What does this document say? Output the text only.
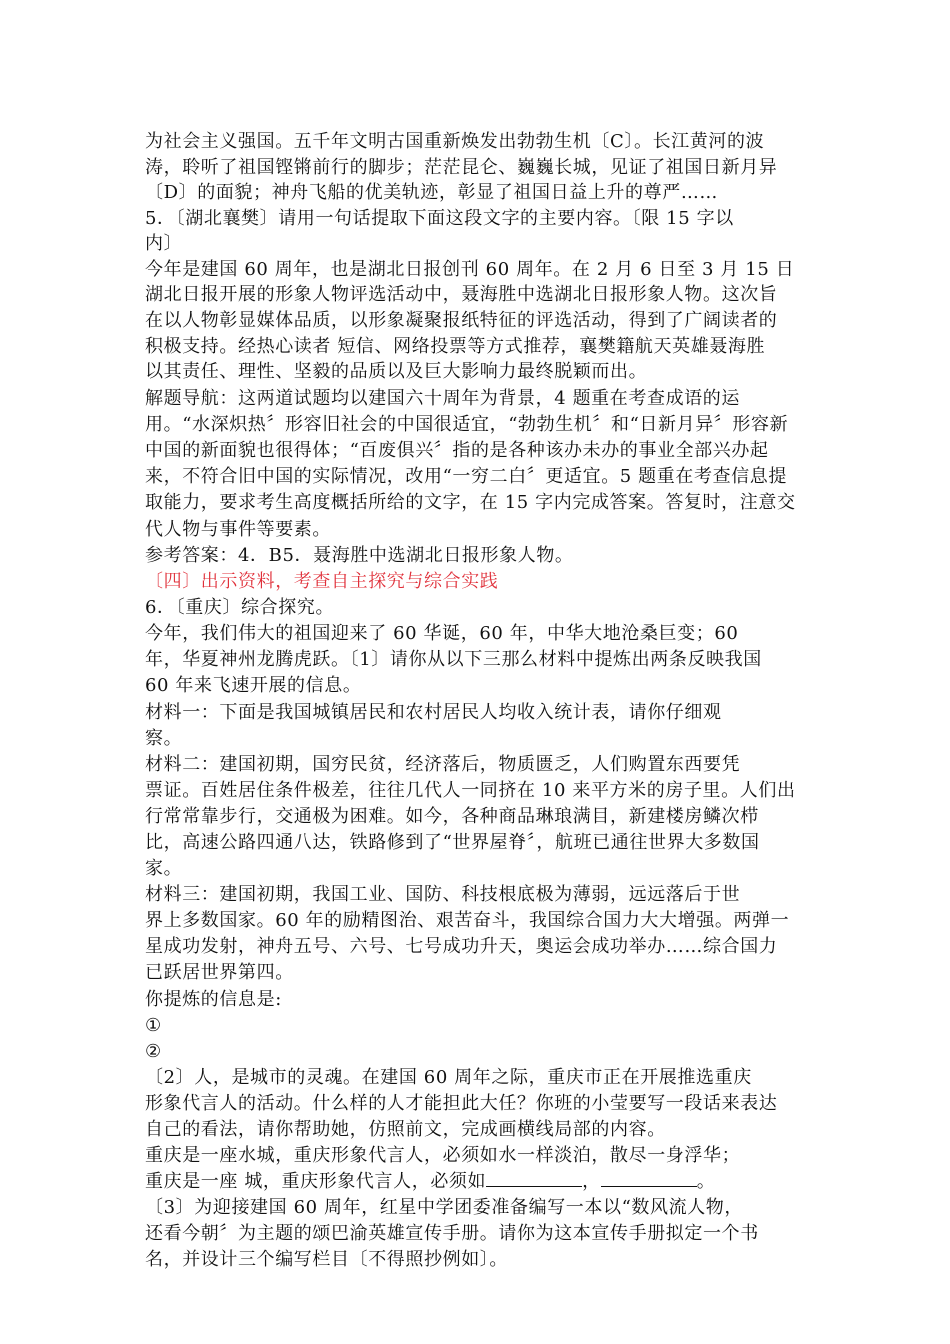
为社会主义强国。五千年文明古国重新焕发出勃勃生机〔C〕。长江黄河的波
涛，聆听了祖国铿锵前行的脚步；茫茫昆仑、巍巍长城，见证了祖国日新月异
〔D〕的面貌；神舟飞船的优美轨迹，彰显了祖国日益上升的尊严……
5．〔湖北襄樊〕请用一句话提取下面这段文字的主要内容。〔限 15 字以
内〕
今年是建国 60 周年，也是湖北日报创刊 60 周年。在 2 月 6 日至 3 月 15 日
湖北日报开展的形象人物评选活动中，聂海胜中选湖北日报形象人物。这次旨
在以人物彰显媒体品质，以形象凝聚报纸特征的评选活动，得到了广阔读者的
积极支持。经热心读者 短信、网络投票等方式推荐，襄樊籍航天英雄聂海胜
以其责任、理性、坚毅的品质以及巨大影响力最终脱颖而出。
解题导航：这两道试题均以建国六十周年为背景，4 题重在考查成语的运
用。“水深炽热〞形容旧社会的中国很适宜，“勃勃生机〞和“日新月异〞形容新
中国的新面貌也很得体；“百废俱兴〞指的是各种该办未办的事业全部兴办起
来，不符合旧中国的实际情况，改用“一穷二白〞更适宜。5 题重在考查信息提
取能力，要求考生高度概括所给的文字，在 15 字内完成答案。答复时，注意交
代人物与事件等要素。
参考答案：4．B5．聂海胜中选湖北日报形象人物。
〔四〕出示资料，考查自主探究与综合实践
6．〔重庆〕综合探究。
今年，我们伟大的祖国迎来了 60 华诞，60 年，中华大地沧桑巨变；60
年，华夏神州龙腾虎跃。〔1〕请你从以下三那么材料中提炼出两条反映我国
60 年来飞速开展的信息。
材料一：下面是我国城镇居民和农村居民人均收入统计表，请你仔细观
察。
材料二：建国初期，国穷民贫，经济落后，物质匮乏，人们购置东西要凭
票证。百姓居住条件极差，往往几代人一同挤在 10 来平方米的房子里。人们出
行常常靠步行，交通极为困难。如今，各种商品琳琅满目，新建楼房鳞次栉
比，高速公路四通八达，铁路修到了“世界屋脊〞，航班已通往世界大多数国
家。
材料三：建国初期，我国工业、国防、科技根底极为薄弱，远远落后于世
界上多数国家。60 年的励精图治、艰苦奋斗，我国综合国力大大增强。两弹一
星成功发射，神舟五号、六号、七号成功升天，奥运会成功举办……综合国力
已跃居世界第四。
你提炼的信息是:
①
②
〔2〕人，是城市的灵魂。在建国 60 周年之际，重庆市正在开展推选重庆
形象代言人的活动。什么样的人才能担此大任？你班的小莹要写一段话来表达
自己的看法，请你帮助她，仿照前文，完成画横线局部的内容。
重庆是一座水城，重庆形象代言人，必须如水一样淡泊，散尽一身浮华；
重庆是一座 城，重庆形象代言人，必须如	，	。
〔3〕为迎接建国 60 周年，红星中学团委准备编写一本以“数风流人物，
还看今朝〞为主题的颂巴渝英雄宣传手册。请你为这本宣传手册拟定一个书
名，并设计三个编写栏目〔不得照抄例如〕。
